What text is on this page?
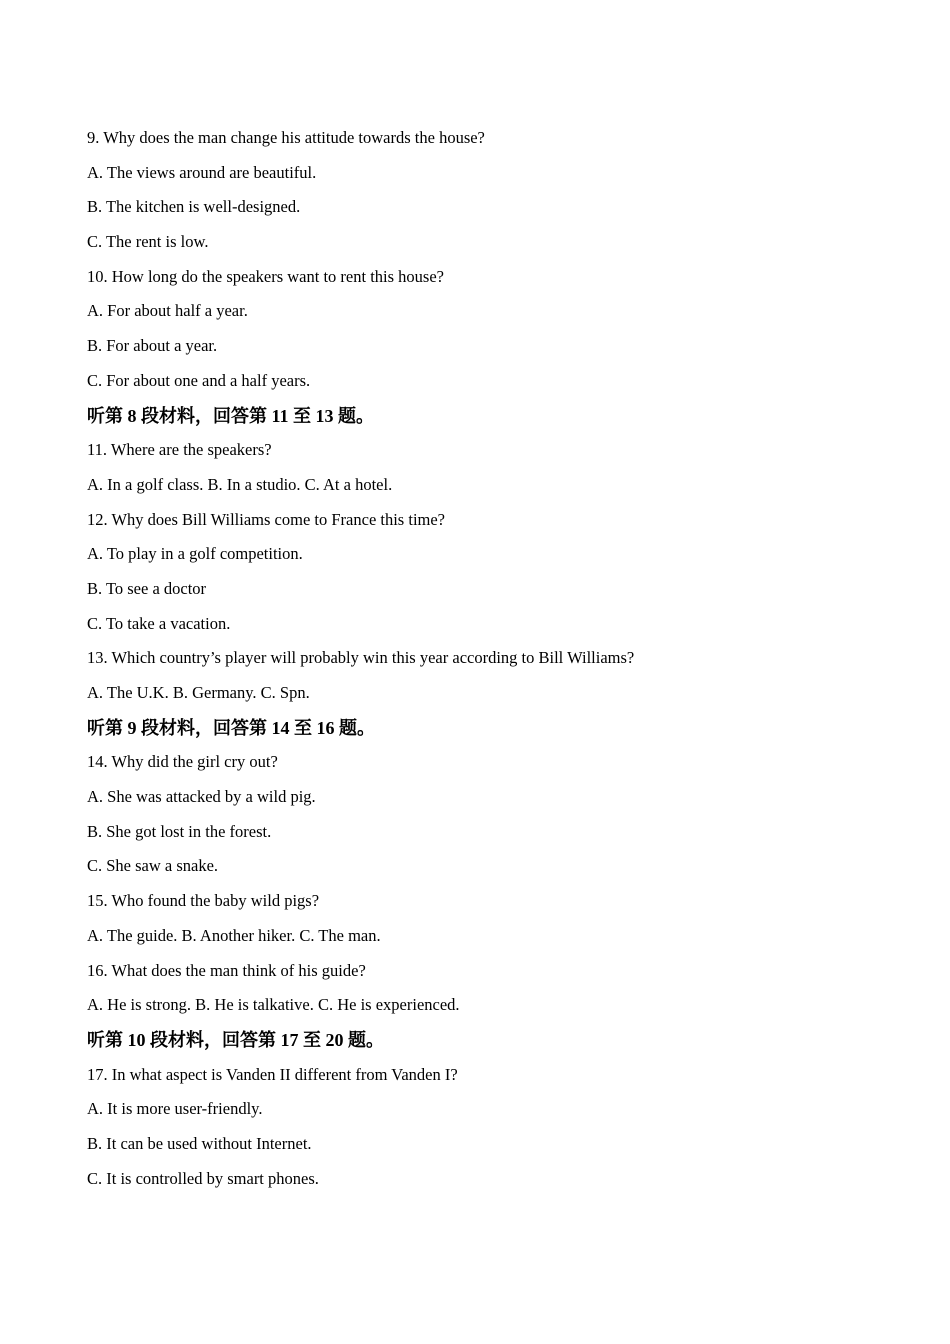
9. Why does the man change his attitude towards the house?
A. The views around are beautiful.
B. The kitchen is well-designed.
C. The rent is low.
10. How long do the speakers want to rent this house?
A. For about half a year.
B. For about a year.
C. For about one and a half years.
听第 8 段材料，回答第 11 至 13 题。
11. Where are the speakers?
A. In a golf class. B. In a studio. C. At a hotel.
12. Why does Bill Williams come to France this time?
A. To play in a golf competition.
B. To see a doctor
C. To take a vacation.
13. Which country’s player will probably win this year according to Bill Williams?
A. The U.K. B. Germany. C. Spn.
听第 9 段材料，回答第 14 至 16 题。
14. Why did the girl cry out?
A. She was attacked by a wild pig.
B. She got lost in the forest.
C. She saw a snake.
15. Who found the baby wild pigs?
A. The guide. B. Another hiker. C. The man.
16. What does the man think of his guide?
A. He is strong. B. He is talkative. C. He is experienced.
听第 10 段材料，回答第 17 至 20 题。
17. In what aspect is Vanden II different from Vanden I?
A. It is more user-friendly.
B. It can be used without Internet.
C. It is controlled by smart phones.
